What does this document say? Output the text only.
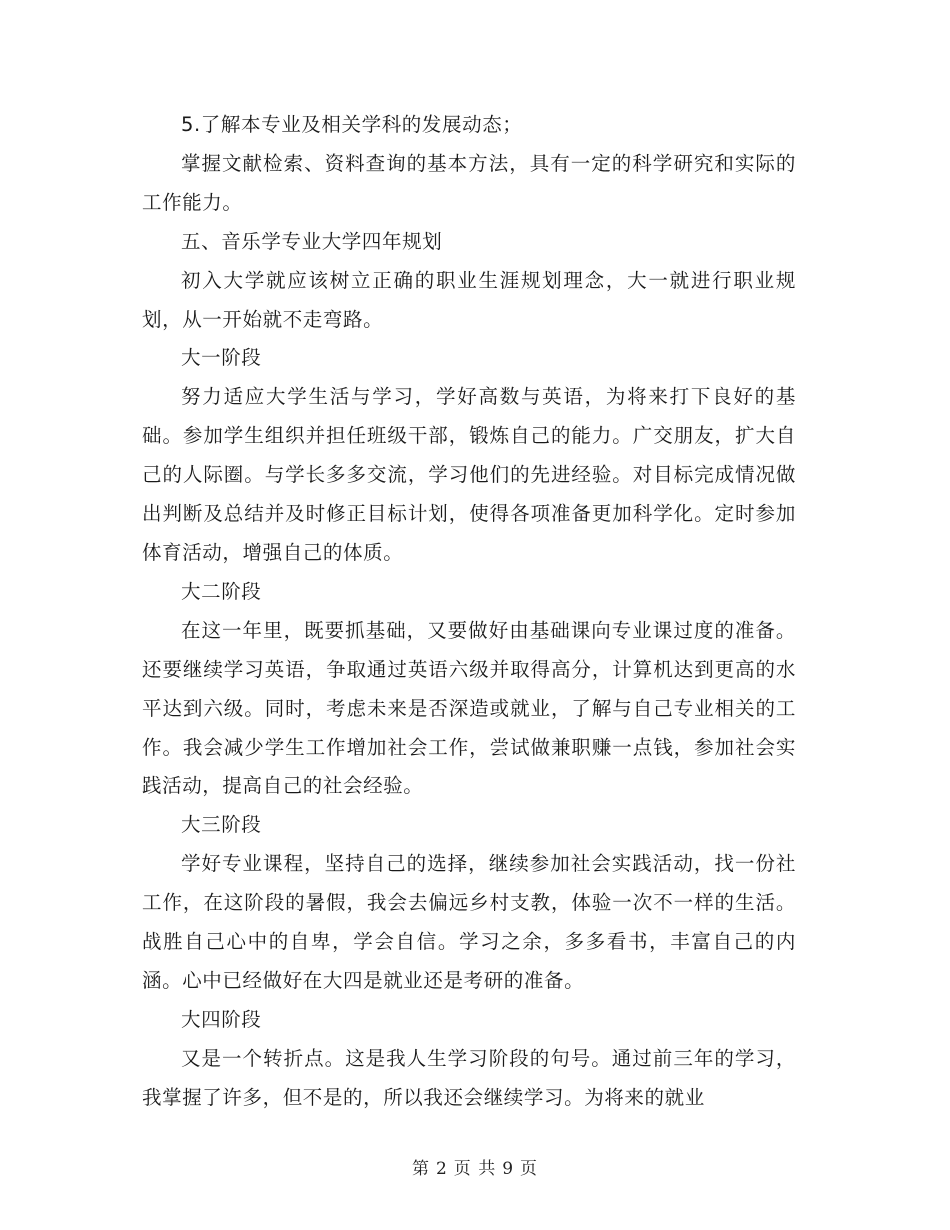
5.了解本专业及相关学科的发展动态；

掌握文献检索、资料查询的基本方法，具有一定的科学研究和实际的工作能力。

五、音乐学专业大学四年规划

初入大学就应该树立正确的职业生涯规划理念，大一就进行职业规划，从一开始就不走弯路。

大一阶段

努力适应大学生活与学习，学好高数与英语，为将来打下良好的基础。参加学生组织并担任班级干部，锻炼自己的能力。广交朋友，扩大自己的人际圈。与学长多多交流，学习他们的先进经验。对目标完成情况做出判断及总结并及时修正目标计划，使得各项准备更加科学化。定时参加体育活动，增强自己的体质。

大二阶段

在这一年里，既要抓基础，又要做好由基础课向专业课过度的准备。还要继续学习英语，争取通过英语六级并取得高分，计算机达到更高的水平达到六级。同时，考虑未来是否深造或就业，了解与自己专业相关的工作。我会减少学生工作增加社会工作，尝试做兼职赚一点钱，参加社会实践活动，提高自己的社会经验。

大三阶段

学好专业课程，坚持自己的选择，继续参加社会实践活动，找一份社工作，在这阶段的暑假，我会去偏远乡村支教，体验一次不一样的生活。战胜自己心中的自卑，学会自信。学习之余，多多看书，丰富自己的内涵。心中已经做好在大四是就业还是考研的准备。

大四阶段

又是一个转折点。这是我人生学习阶段的句号。通过前三年的学习，我掌握了许多，但不是的，所以我还会继续学习。为将来的就业

第 2 页 共 9 页
